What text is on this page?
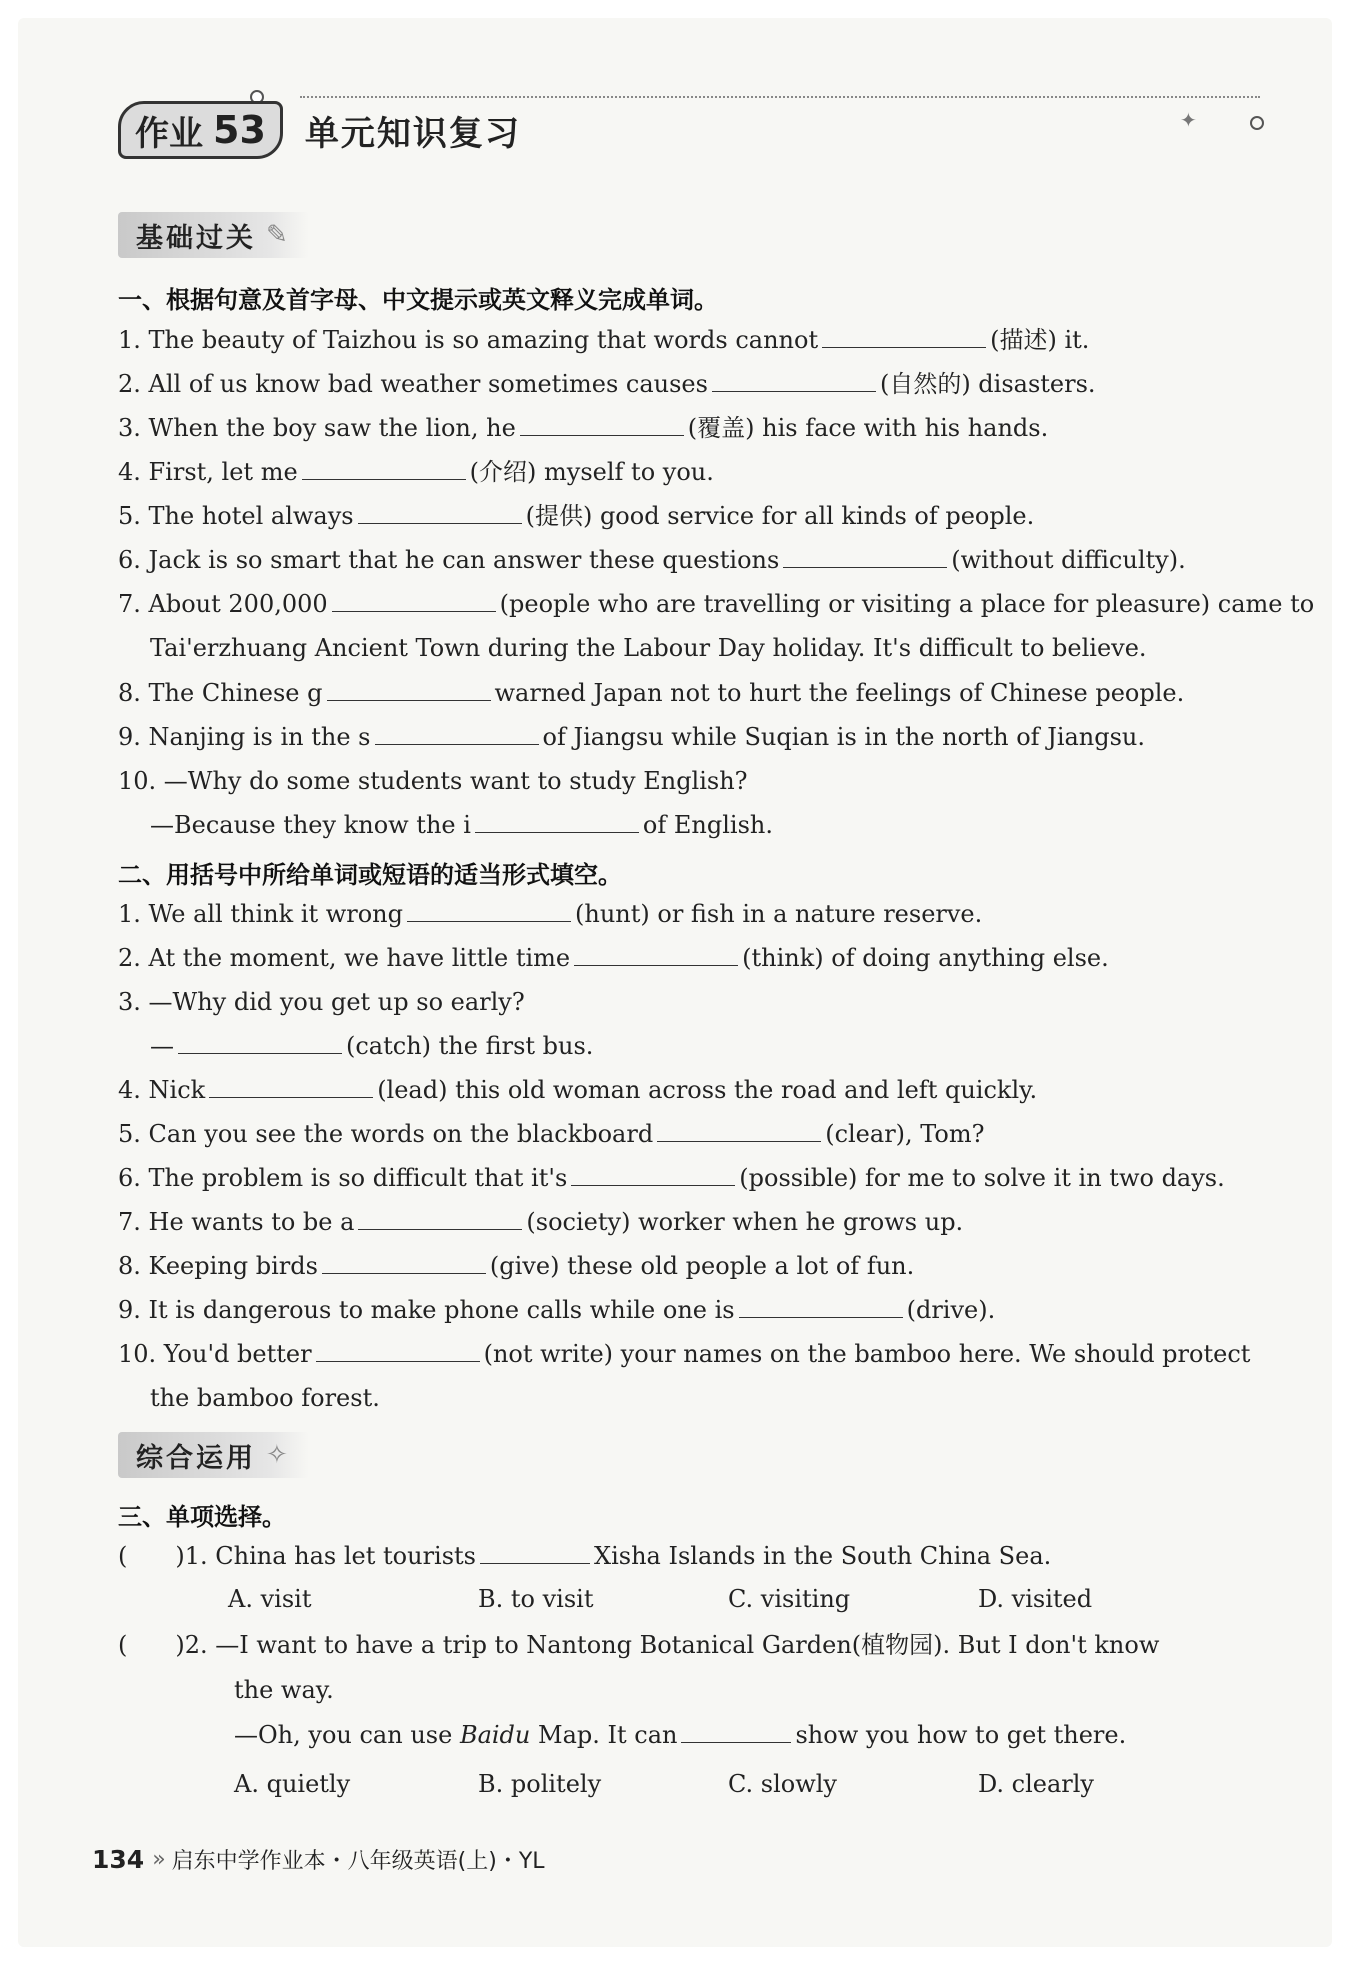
作业 53 单元知识复习	✦
基础过关 ✎
一、根据句意及首字母、中文提示或英文释义完成单词。
1. The beauty of Taizhou is so amazing that words cannot	(描述) it.
2. All of us know bad weather sometimes causes	(自然的) disasters.
3. When the boy saw the lion, he	(覆盖) his face with his hands.
4. First, let me	(介绍) myself to you.
5. The hotel always	(提供) good service for all kinds of people.
6. Jack is so smart that he can answer these questions	(without difficulty).
7. About 200,000	(people who are travelling or visiting a place for pleasure) came to
Tai'erzhuang Ancient Town during the Labour Day holiday. It's difficult to believe.
8. The Chinese g	warned Japan not to hurt the feelings of Chinese people.
9. Nanjing is in the s	of Jiangsu while Suqian is in the north of Jiangsu.
10. —Why do some students want to study English?
—Because they know the i	of English.
二、用括号中所给单词或短语的适当形式填空。
1. We all think it wrong	(hunt) or fish in a nature reserve.
2. At the moment, we have little time	(think) of doing anything else.
3. —Why did you get up so early?
—	(catch) the first bus.
4. Nick	(lead) this old woman across the road and left quickly.
5. Can you see the words on the blackboard	(clear), Tom?
6. The problem is so difficult that it's	(possible) for me to solve it in two days.
7. He wants to be a	(society) worker when he grows up.
8. Keeping birds	(give) these old people a lot of fun.
9. It is dangerous to make phone calls while one is	(drive).
10. You'd better	(not write) your names on the bamboo here. We should protect
the bamboo forest.
综合运用 ✧
三、单项选择。
(　　)1. China has let tourists	Xisha Islands in the South China Sea.
A. visit	B. to visit	C. visiting	D. visited
(　　)2. —I want to have a trip to Nantong Botanical Garden(植物园). But I don't know
the way.
—Oh, you can use Baidu Map. It can	show you how to get there.
A. quietly	B. politely	C. slowly	D. clearly
134 » 启东中学作业本・八年级英语(上)・YL
